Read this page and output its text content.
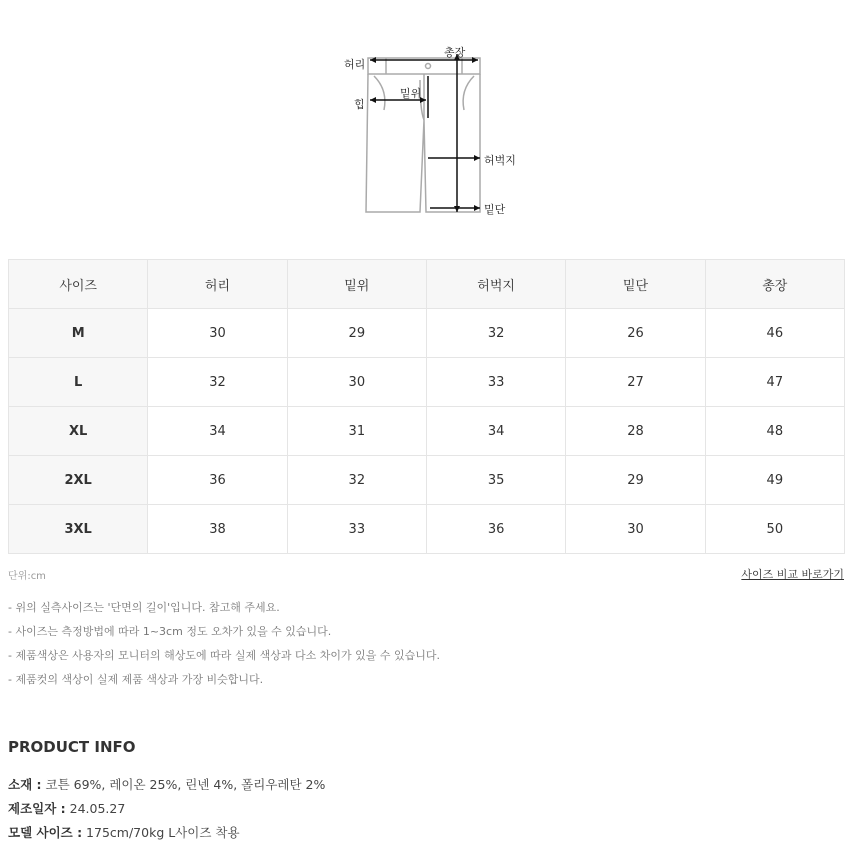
허리
총장
힙
밑위
허벅지
밑단
사이즈	허리	밑위	허벅지	밑단	총장
M	30	29	32	26	46
L	32	30	33	27	47
XL	34	31	34	28	48
2XL	36	32	35	29	49
3XL	38	33	36	30	50
단위:cm	사이즈 비교 바로가기
- 위의 실측사이즈는 '단면의 길이'입니다. 참고해 주세요.
- 사이즈는 측정방법에 따라 1~3cm 정도 오차가 있을 수 있습니다.
- 제품색상은 사용자의 모니터의 해상도에 따라 실제 색상과 다소 차이가 있을 수 있습니다.
- 제품컷의 색상이 실제 제품 색상과 가장 비슷합니다.
PRODUCT INFO
소재 : 코튼 69%, 레이온 25%, 린넨 4%, 폴리우레탄 2%
제조일자 : 24.05.27
모델 사이즈 : 175cm/70kg L사이즈 착용
